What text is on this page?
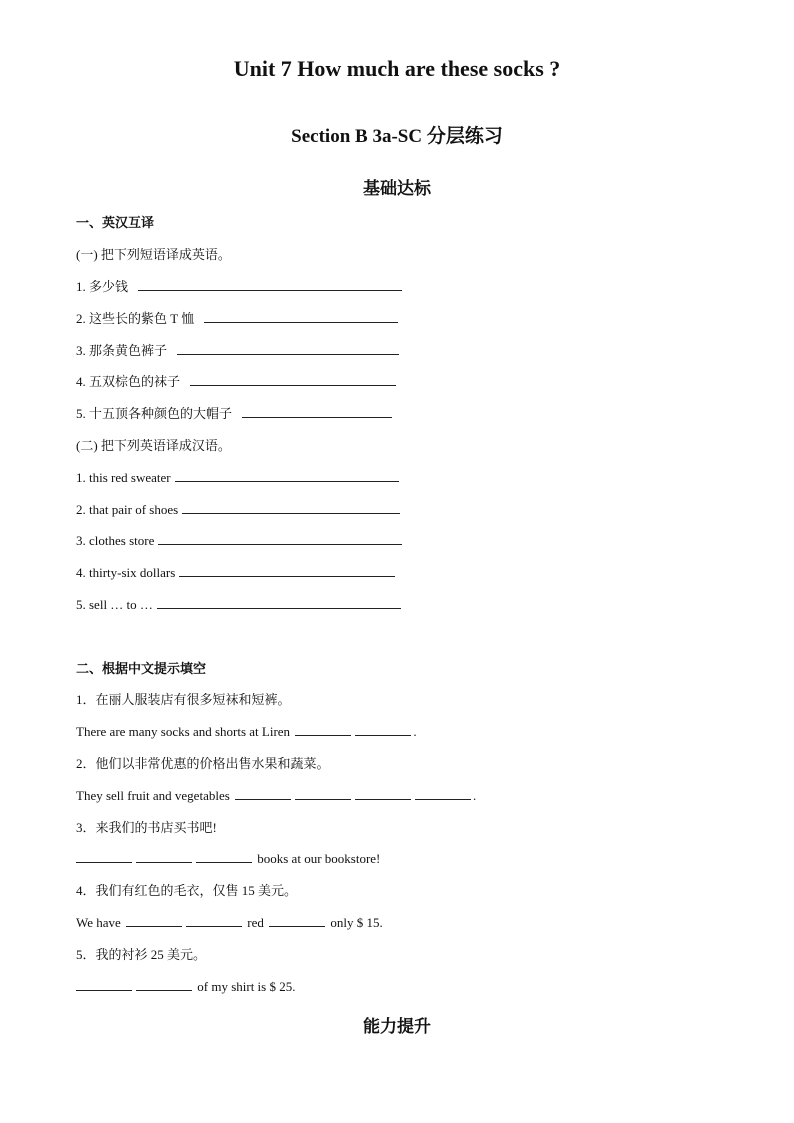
Unit 7 How much are these socks ?
Section B 3a-SC 分层练习
基础达标
一、英汉互译
(一) 把下列短语译成英语。
1. 多少钱
2. 这些长的紫色 T 恤
3. 那条黄色裤子
4. 五双棕色的袜子
5. 十五顶各种颜色的大帽子
(二) 把下列英语译成汉语。
1. this red sweater
2. that pair of shoes
3. clothes store
4. thirty-six dollars
5. sell … to …
二、根据中文提示填空
1．在丽人服装店有很多短袜和短裤。
There are many socks and shorts at Liren	.
2．他们以非常优惠的价格出售水果和蔬菜。
They sell fruit and vegetables	.
3．来我们的书店买书吧!
books at our bookstore!
4．我们有红色的毛衣，仅售 15 美元。
We have	red	only $ 15.
5．我的衬衫 25 美元。
of my shirt is $ 25.
能力提升
